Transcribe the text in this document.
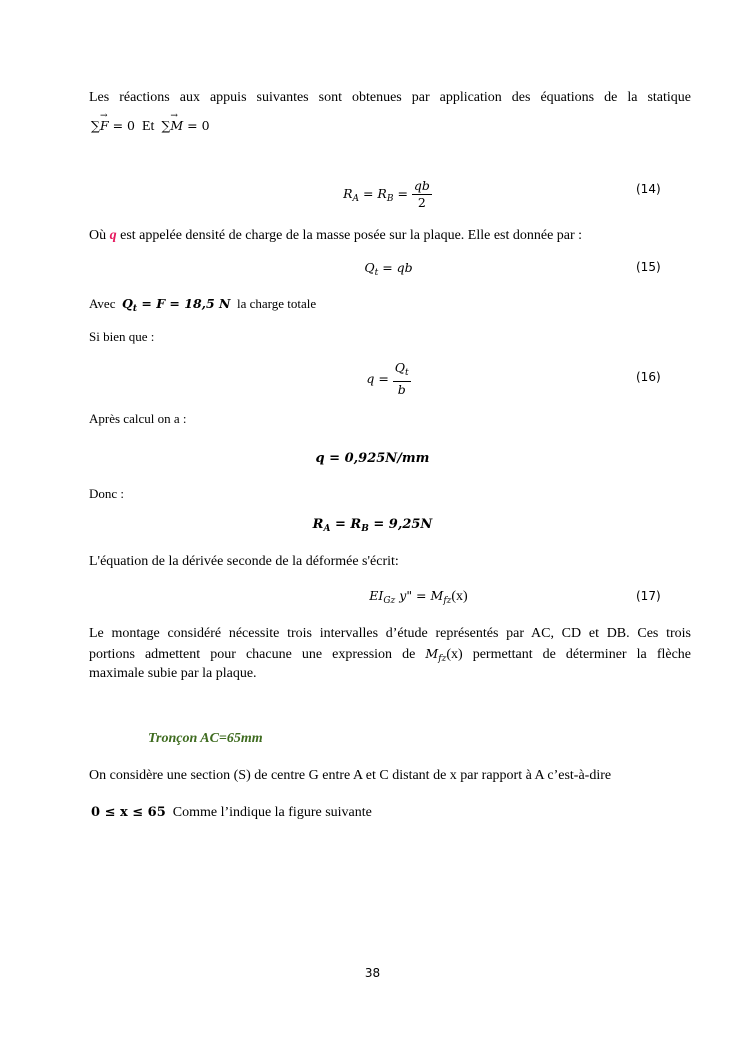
Les réactions aux appuis suivantes sont obtenues par application des équations de la statique
∑→ F = 0 Et ∑→ M = 0
$R_A = R_B = \frac{qb}{2}$	(14)
Où q est appelée densité de charge de la masse posée sur la plaque. Elle est donnée par :
$Q_t$ = qb	(15)
Avec $Q_t = F = 18,5$ N la charge totale
Si bien que :
$q = \frac{Q_t}{b}$	(16)
Après calcul on a :
q = 0,925N/mm
Donc :
$R_A = R_B = 9,25N$
L'équation de la dérivée seconde de la déformée s'écrit:
$EI_{Gz}$ y" = $M_{fz}(x)$	(17)
Le montage considéré nécessite trois intervalles d’étude représentés par AC, CD et DB. Ces trois
portions admettent pour chacune une expression de $M_{fz}(x)$ permettant de déterminer la flèche
maximale subie par la plaque.
Tronçon AC=65mm
On considère une section (S) de centre G entre A et C distant de x par rapport à A c’est-à-dire
0 ≤ x ≤ 65 Comme l’indique la figure suivante
38
